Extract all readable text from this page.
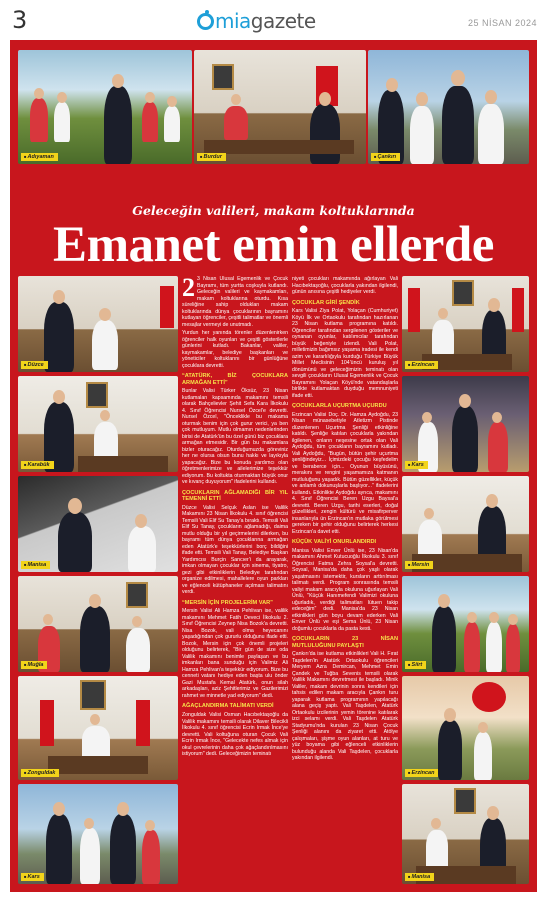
3	miagazete	25 NİSAN 2024
■ Adıyaman	■ Burdur	■ Çankırı
Geleceğin valileri, makam koltuklarında
Emanet emin ellerde
■ Düzce
■ Karabük
■ Manisa
■ Muğla
■ Zonguldak
■ Kars

2 3 Nisan Ulusal Egemenlik ve Çocuk Bayramı, tüm yurtta coşkuyla kutlandı. Geleceğin valileri ve kaymakamları, makam koltuklarına oturdu. Kısa süreliğine sahip oldukları makam koltuklarında dünya çocuklarının bayramını kutlayan öğrenciler, çeşitli talimatlar ve önemli mesajlar vermeyi de unutmadı.

Yurdun her yanında törenler düzenlenirken öğrenciler halk oyunları ve çeşitli gösterilerle günlerini kutladı. Bakanlar, valiler, kaymakamlar, belediye başkanları ve yöneticiler koltuklarını bir günlüğüne çocuklara devretti.

“ATATÜRK, BİZ ÇOCUKLARA ARMAĞAN ETTİ”

Bunlar Valisi Türker Öksüz, 23 Nisan kutlamaları kapsamında makamını temsili olarak Bahçelievler Şehit Sefa Kara İlkokulu 4. Sınıf Öğrencisi Nursel Özcel'e devretti. Nursel Özcel, "Önceklikle bu makama oturmak benim için çok gurur verici, ya ben çok mutluyum. Mutlu olmamın nedenlerinden birisi de Atatürk'ün bu özel günü biz çocuklara armağan etmesidir. Bir gün bu makamlara bizler oturacağız. Oturduğumuzda göreviniz her ne olursa olsun bunu hakkı ve layıkıyla yapacağız. Bize bu konuda yardımcı olan öğretmenlerimize ve ailelerimize teşekkür ediyorum. Bu koltukta oturmaktan büyük onur ve kıvanç duyuyorum" ifadelerini kullandı.

ÇOCUKLARIN AĞLAMADIĞI BİR YIL TEMENNİ ETTİ

Düzce Valisi Selçuk Aslan ise Valilik Makamını 23 Nisan İlkokulu 4. sınıf öğrencisi Temsili Vali Elif Su Tanay'a bıraktı. Temsili Vali Elif Su Tanay, çocukların ağlamadığı, daima mutlu olduğu bir yıl geçirmelerini dilerken, bu bayramı tüm dünya çocuklarına armağan eden Atatürk'e teşekkürlerini borç bildiğini ifade etti. Temsili Vali Tanay, Belediye Başkan Yardımcısı Burçin Sancıer'i da arayarak, imkan olmayan çocuklar için sinema, tiyatro, gezi gibi etkinliklerin Belediye tarafından organize edilmesi, mahallelere oyun parkları ve eğlenceli kütüphaneler açılması talimatını verdi.

“MERSİN İÇİN PROJELERİM VAR”

Mersin Valisi Ali Hamza Pehlivan ise, valilik makamını Mehmet Fatih Deveci İlkokulu 2. Sınıf Öğrencisi Zeynep Nisa Bozok'a devretti. Nisa Bozok, vali olma heyecanını yaşadığından çok gururlu olduğunu ifade etti. Bozok, Mersin için çok önemli projeleri olduğunu belirterek, "Bir gün de size oda Valilik makamını benimle paylaşan ve bu imkanları bana sunduğu için Valimiz Ali Hamza Pehlivan'a teşekkür ediyorum. Bize bu cenneti vatanı hediye eden başta ulu önder Gazi Mustafa Kemal Atatürk, onun silah arkadaşları, aziz Şehitlerimiz ve Gazilerimizi rahmet ve minnetle yad ediyorum" dedi.

AĞAÇLANDIRMA TALİMATI VERDİ

Zonguldak Valisi Osman Hacıbektaşoğlu da Valilik makamını temsili olarak Dilaver Bilecikli İlkokulu 4. sınıf öğrencisi Ecrin Irmak İnce'ye devretti. Vali koltuğuna oturan Çocuk Vali Ecrin Irmak İnce, "Gelecekte nefes almak için okul çevrelerinin daha çok ağaçlandırılmasını istiyorum" dedi. Geleceğimizin teminatı

niyeti çocukları makamında ağırlayan Vali Hacıbektaşoğlu, çocuklarla yakından ilgilendi, günün anısına çeşitli hediyeler verdi.

ÇOCUKLAR GİRİ ŞENDİK

Kars Valisi Ziya Polat, Yolaçan (Cumhuriyet) Köyü İlk ve Ortaokulu tarafından hazırlanan 23 Nisan kutlama programına katıldı. Öğrenciler tarafından sergilenen gösteriler ve oynanan oyunlar, katılımcılar tarafından büyük beğeniyle izlendi. Vali Polat, milletimizin bağımsız yaşama iradesi ile kendi azim ve kararlılığıyla kurduğu Türkiye Büyük Millet Meclisinin 104'üncü kuruluş yıl dönümünü ve geleceğimizin teminatı olan sevgili çocukların Ulusal Egemenlik ve Çocuk Bayramını Yolaçan Köyü'nde vatandaşlarla birlikte kutlamaktan duyduğu memnuniyeti ifade etti.

ÇOCUKLARLA UÇURTMA UÇURDU

Erzincan Valisi Doç. Dr. Hamza Aydoğdu, 23 Nisan münasebetiyle Atletizm Pistinde düzenlenen Uçurtma Şenliği etkinliğine katıldı. Şenliğe katılan çocuklarla yakından ilgilenen, onların neşesine ortak olan Vali Aydoğdu, tüm çocukların bayramını kutladı. Vali Aydoğdu, "Bugün, bütün şehir uçurtma şenliğindeyiz... İçimizdeki çocuğu keşfedelim ve beraberce için... Oyunun büyüsünü, merakını ve rengini yaşamamıza katmanın mutluluğunu yaşadık. Bütün güzellikler, küçük ve anlamlı dokunuşlarla başlıyor..." ifadelerini kullandı. Etkinlikte Aydoğdu ayrıca, makamını 4. Sınıf Öğrencisi Beren Uzgu Baysal'a devretti. Beren Uzgu, tarihi eserleri, doğal güzellikleri, zengin kültürü ve misafirperver insanlarıyla ün Erzincan'ın mutlaka görülmesi gereken bir şehir olduğunu belirterek herkesi Erzincan'a davet etti.

KÜÇÜK VALİYİ ONURLANDIRDI

Manisa Valisi Enver Ünlü ise, 23 Nisan'da makamını Ahmet Kutucuoğlu İlkokulu 3. sınıf Öğrencisi Fatma Zehra Soysal'a devretti. Soysal, Manisa'da daha çok yaşlı olarak yaşatmasını istemektir, kursların arttırılması talimatı verdi. Program sonrasında temsili valiyi makam aracıyla okuluna uğurlayan Vali Ünlü, "Küçük Hanımefendi Valimizi okuluna uğurladık, verdiği talimatları lütuen takip edeceğim" dedi. Manisa'da 23 Nisan etkinlikleri gün boyu devam ederken Vali Enver Ünlü ve eşi Sema Ünlü, 23 Nisan doğumlu çocuklarla da pasta kesti.

ÇOCUKLARIN 23 NİSAN MUTLULUĞUNU PAYLAŞTI

Çankırı'da ise kutlama etkinlikleri Vali H. Fırat Taşdelen'in Atatürk Ortaokulu öğrencileri Meryem Azra Demircan, Mehmet Emin Çandek ve Tuğba Sevenis temsili olarak Valilik Makamını devretmesi ile başladı. Minik Valiler, makam devrinin sonra kendileri için tahsis edilen makam aracıyla Çankırı turu yaparak kutlama programının yapılacağı alana geçiş yaptı. Vali Taşdelen, Atatürk Ortaokulu izcilerinin yemin törenine katılarak izci selamı verdi. Vali Taşdelen Atatürk Stadyumu'nda kurulan 23 Nisan Çocuk Şenliği alanını da ziyaret etti. Atölye çalışmaları, şişme oyun alanları, at turu ve yüz boyama gibi eğlenceli etkinliklerin bulunduğu alanda Vali Taşdelen, çocuklarla yakından ilgilendi.

■ Erzincan
■ Kars
■ Mersin
■ Siirt
■ Erzincan
■ Manisa
